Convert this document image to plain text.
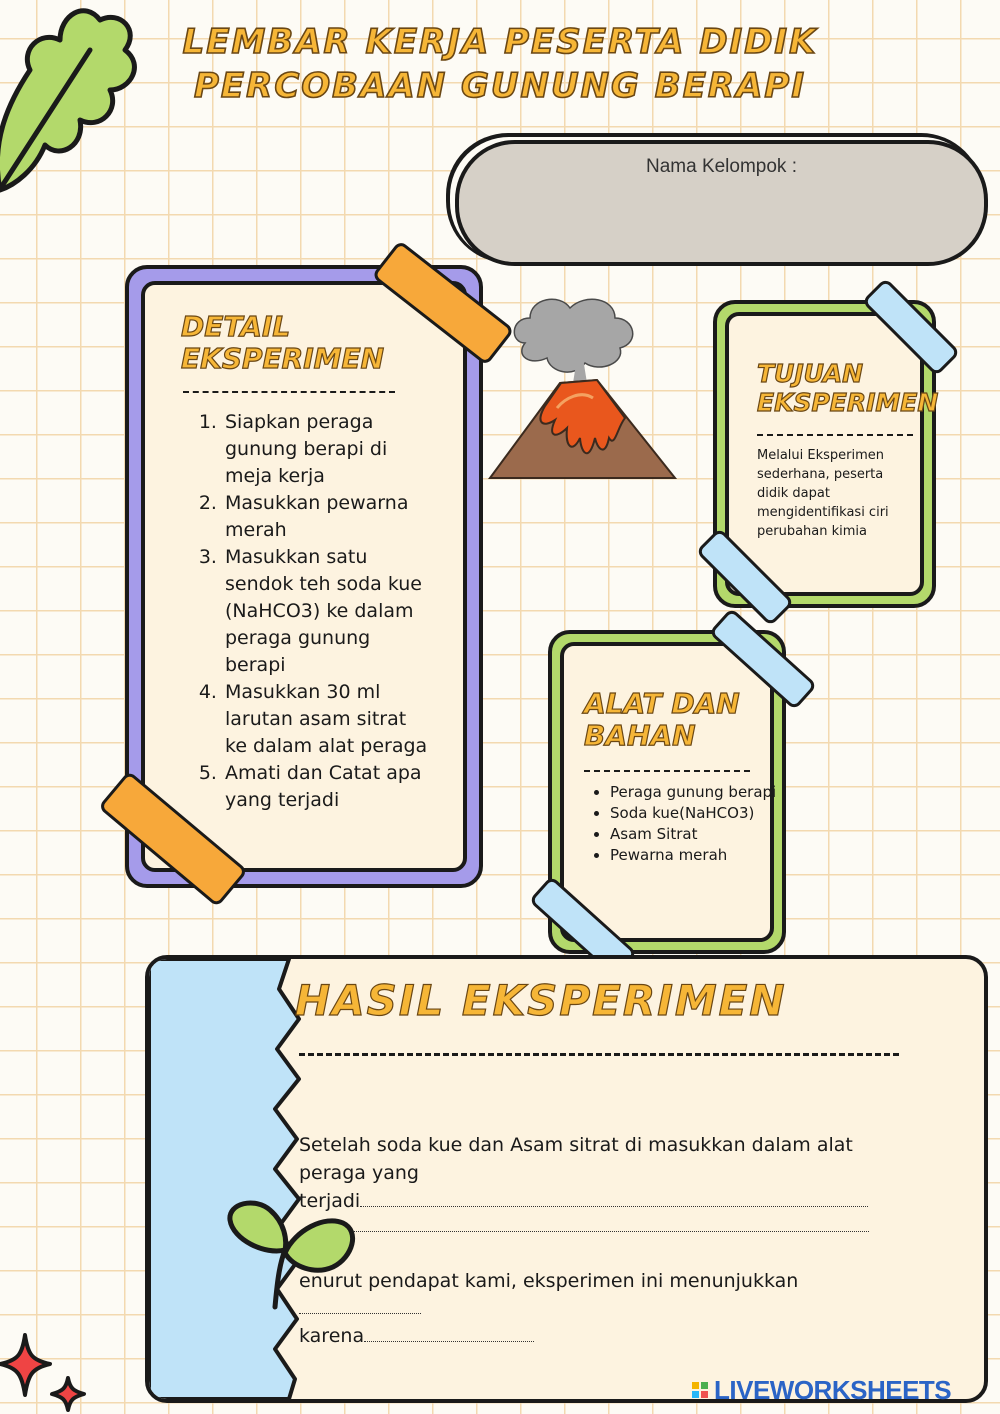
LEMBAR KERJA PESERTA DIDIK
PERCOBAAN GUNUNG BERAPI
Nama Kelompok :
DETAIL
EKSPERIMEN
1. Siapkan peraga gunung berapi di meja kerja
2. Masukkan pewarna merah
3. Masukkan satu sendok teh soda kue (NaHCO3) ke dalam peraga gunung berapi
4. Masukkan 30 ml larutan asam sitrat ke dalam alat peraga
5. Amati dan Catat apa yang terjadi
TUJUAN
EKSPERIMEN
Melalui Eksperimen sederhana, peserta didik dapat mengidentifikasi ciri perubahan kimia
ALAT DAN
BAHAN
• Peraga gunung berapi
• Soda kue(NaHCO3)
• Asam Sitrat
• Pewarna merah
HASIL EKSPERIMEN
Setelah soda kue dan Asam sitrat di masukkan dalam alat peraga yang
terjadi
enurut pendapat kami, eksperimen ini menunjukkan
karena
LIVEWORKSHEETS
